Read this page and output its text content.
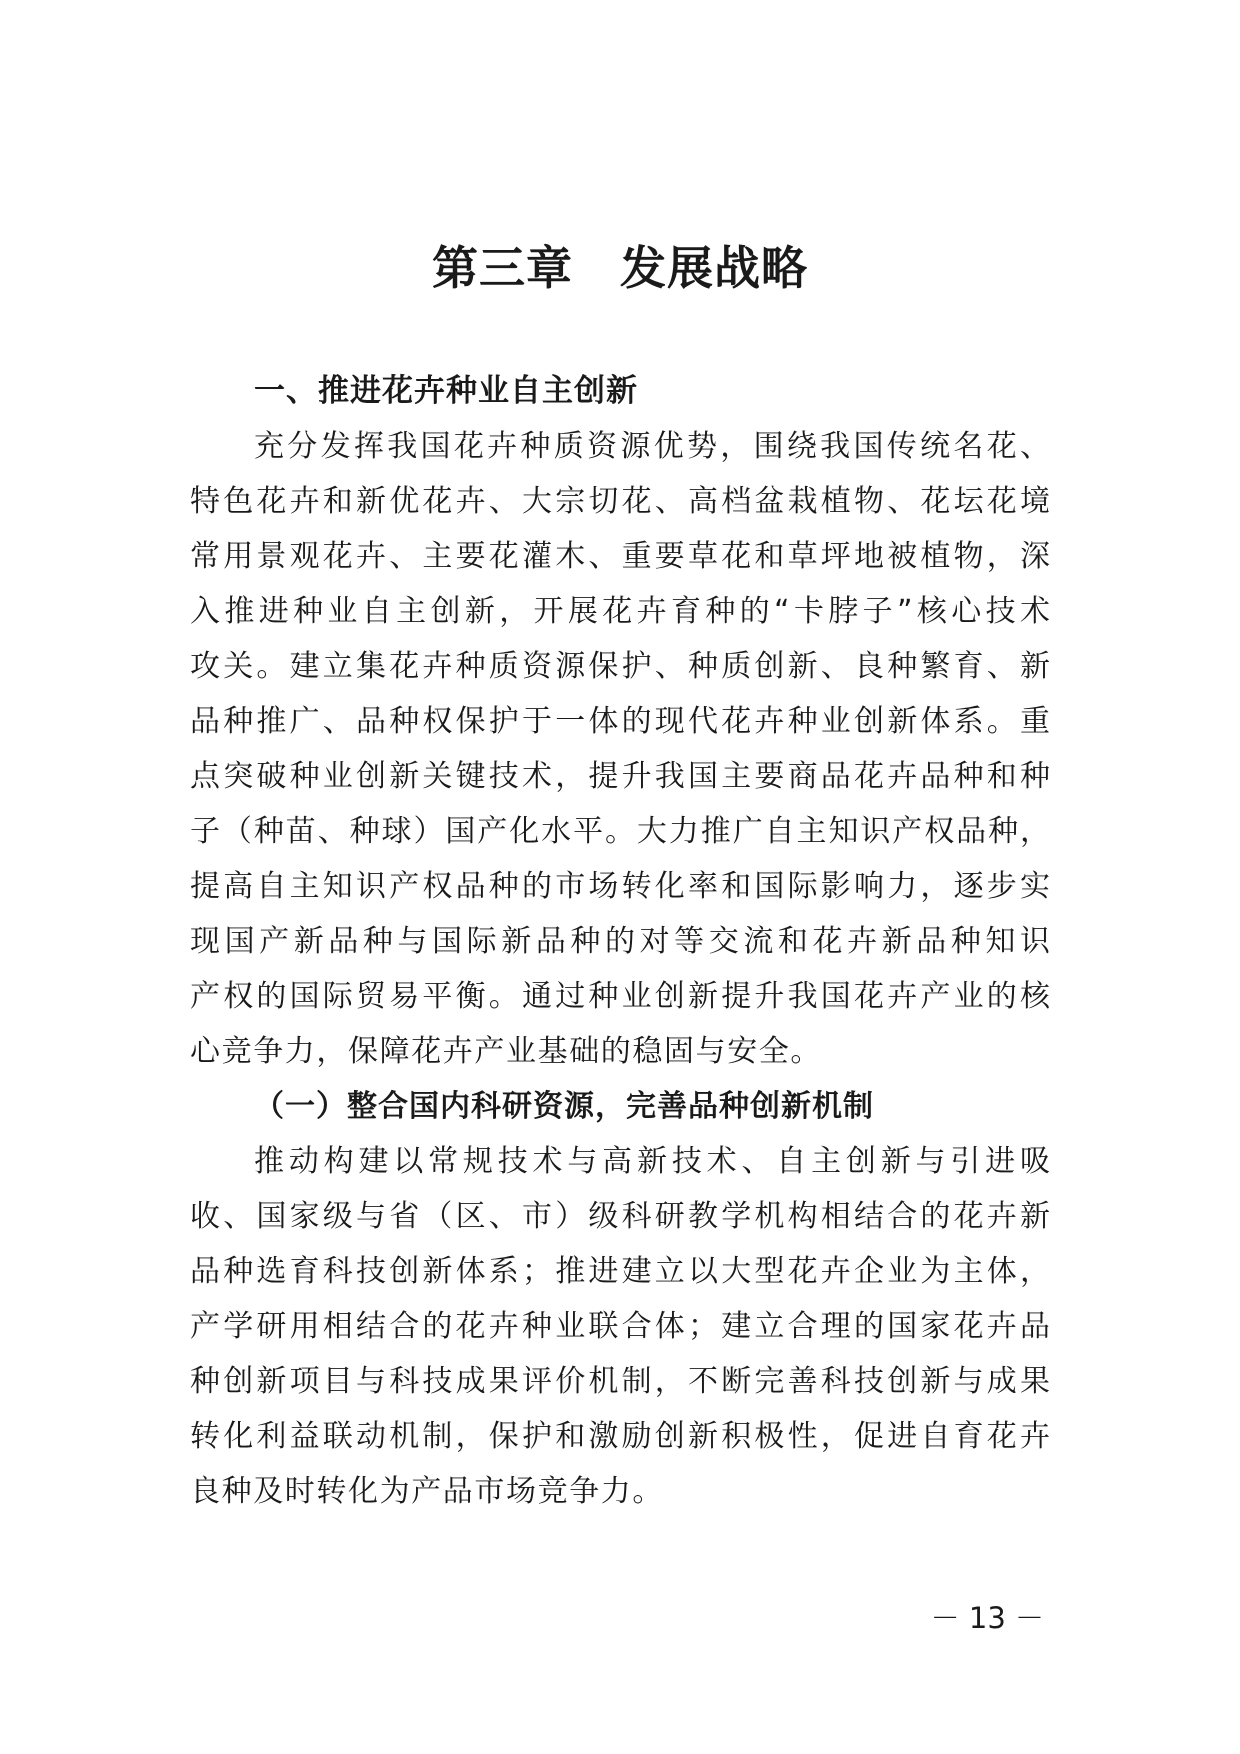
第三章　发展战略
一、推进花卉种业自主创新

充分发挥我国花卉种质资源优势，围绕我国传统名花、
特色花卉和新优花卉、大宗切花、高档盆栽植物、花坛花境
常用景观花卉、主要花灌木、重要草花和草坪地被植物，深
入推进种业自主创新，开展花卉育种的“卡脖子”核心技术
攻关。建立集花卉种质资源保护、种质创新、良种繁育、新
品种推广、品种权保护于一体的现代花卉种业创新体系。重
点突破种业创新关键技术，提升我国主要商品花卉品种和种
子（种苗、种球）国产化水平。大力推广自主知识产权品种，
提高自主知识产权品种的市场转化率和国际影响力，逐步实
现国产新品种与国际新品种的对等交流和花卉新品种知识
产权的国际贸易平衡。通过种业创新提升我国花卉产业的核
心竞争力，保障花卉产业基础的稳固与安全。

（一）整合国内科研资源，完善品种创新机制

推动构建以常规技术与高新技术、自主创新与引进吸
收、国家级与省（区、市）级科研教学机构相结合的花卉新
品种选育科技创新体系；推进建立以大型花卉企业为主体，
产学研用相结合的花卉种业联合体；建立合理的国家花卉品
种创新项目与科技成果评价机制，不断完善科技创新与成果
转化利益联动机制，保护和激励创新积极性，促进自育花卉
良种及时转化为产品市场竞争力。

－ 13 －
